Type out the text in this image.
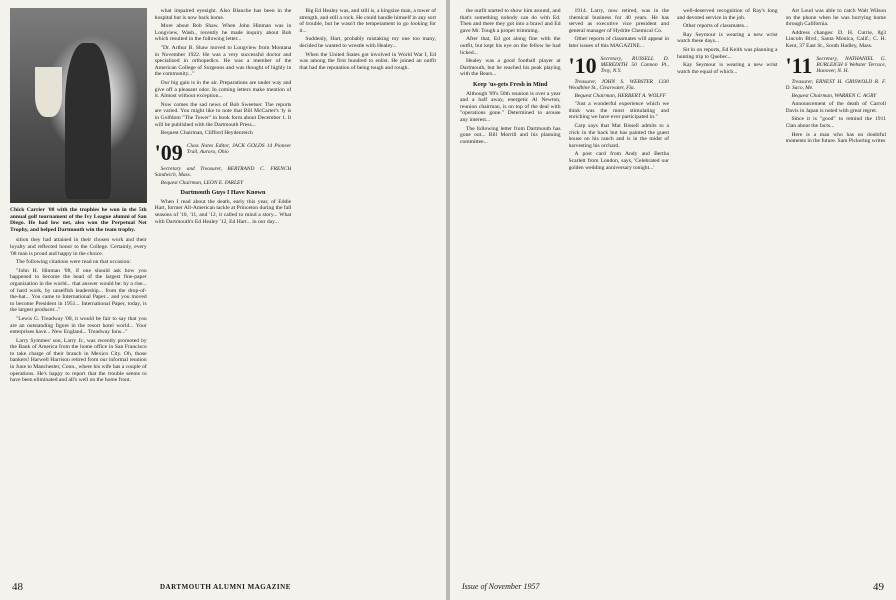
Chick Carrier '08 with the trophies he won in the 5th annual golf tournament of the Ivy League alumni of San Diego. He had low net, also won the Perpetual Net Trophy, and helped Dartmouth win the team trophy.

sition they had attained in their chosen work and their loyalty and reflected honor to the College. Certainly, every '08 man is proud and happy in the choice.

The following citations were read on that occasion:

"John H. Hinman '08, if one should ask how you happened to become the head of the largest fine-paper organization in the world... that answer would be: by a rise... of hard work, by unselfish leadership... from the drop-of-the-hat... You came to International Paper... and you moved to become President in 1951... International Paper, today, is the largest producer..."

"Lewis G. Treadway '08, it would be fair to say that you are an outstanding figure in the resort hotel world... Your enterprises have... New England... Treadway Inns..."

Larry Symmes' son, Larry Jr., was recently promoted by the Bank of America from the home office in San Francisco to take charge of their branch in Mexico City. Oh, those bankers! Harwell Harrison retired from our informal reunion in June to Manchester, Conn., where his wife has a couple of operations. He's happy to report that the trouble seems to have been eliminated and all's well on the home front.

what impaired eyesight. Also Blanche has been in the hospital but is now back home.

More about Bob Shaw. When John Hinman was in Longview, Wash., recently he made inquiry about Bob which resulted in the following letter...

"Dr. Arthur B. Shaw moved to Longview from Montana in November 1922. He was a very successful doctor and specialized in orthopedics. He was a member of the American College of Surgeons and was thought of highly in the community..."

Our big gain is in the air. Preparations are under way and give off a pleasant odor. In coming letters make mention of it. Almost without exception...

Now comes the sad news of Bob Sweetser. The reports are varied. You might like to note that Bill McCarter's 'ly is in Golfdom "The Tower" in book form about December 1. It will be published with the Dartmouth Press...

Bequest Chairman, Clifford Heydenreich

'09 Class Notes Editor, JACK GOLDS 14 Pioneer Trail, Aurora, Ohio

Secretary and Treasurer, BERTRAND C. FRENCH Sandwich, Mass.

Bequest Chairman, LEON E. FARLEY

Dartmouth Guys I Have Known

When I read about the death, early this year, of Eddie Hart, former All-American tackle at Princeton during the fall seasons of '10, '11, and '12, it called to mind a story... What with Dartmouth's Ed Healey '12, Ed Hart... in our day...

Big Ed Healey was, and still is, a kingsize man, a tower of strength, and still a rock. He could handle himself in any sort of trouble, but he wasn't the temperament to go looking for it...

Suddenly, Hart, probably mistaking my one too many, decided he wanted to wrestle with Healey...

When the United States got involved in World War I, Ed was among the first hundred to enlist. He joined an outfit that had the reputation of being tough and rough.

48	DARTMOUTH ALUMNI MAGAZINE

the outfit started to show him around, and that's something nobody can do with Ed. Then and there they got into a brawl and Ed gave Mr. Tough a proper trimming.

After that, Ed got along fine with the outfit, but kept his eye on the fellow he had licked...

Healey was a good football player at Dartmouth, but he reached his peak playing with the Bears...

Keep 'us-gets Fresh in Mind

Although '09's 50th reunion is over a year and a half away, energetic Al Newton, reunion chairman, is on top of the deal with "operations gone." Determined to arouse any interest...

The following letter from Dartmouth has gone out... Bill Morrill and his planning committee...

1914. Larry, now retired, was in the chemical business for 40 years. He has served as executive vice president and general manager of Hydrite Chemical Co.

Other reports of classmates will appear in later issues of this MAGAZINE...

'10 Secretary, RUSSELL D. MEREDITH 50 Cannon Pl., Troy, N.Y.

Treasurer, JOHN S. WEBSTER 1330 Woodbine St., Clearwater, Fla.

Bequest Chairman, HERBERT A. WOLFF

"Just a wonderful experience which we think was the most stimulating and enriching we have ever participated in."

Carp says that Mat Bissell admits to a crick in the back but has painted the guest house on his ranch and is in the midst of harvesting his orchard.

A post card from Andy and Bertha Scarlett from London, says, 'Celebrated our golden wedding anniversary tonight...'

well-deserved recognition of Ray's long and devoted service in the job.

Other reports of classmates...

Ray Seymour is wearing a new wrist watch these days...

Sit in on reports, Ed Keith was planning a hunting trip to Quebec...

Kay Seymour is wearing a new wrist watch the equal of which...

Art Loud was able to catch Walt Wilson on the phone when he was hurrying home through California.

Address changes: D. H. Currie, 8g3 Lincoln Blvd., Santa Monica, Calif.; C. H. Kent, 37 East St., South Hadley, Mass.

'11 Secretary, NATHANIEL G. BURLEIGH 6 Webster Terrace, Hanover, N. H.

Treasurer, ERNEST H. GRISWOLD R. F. D. Saco, Me.

Bequest Chairman, WARREN C. AGRY

Announcement of the death of Carroll Davis in Japan is noted with great regret.

Since it is "good" to remind the 1911 Clan about the facts...

Here is a man who has no doubtful moments in the future. Sam Pickering writes

Issue of November 1957	49
